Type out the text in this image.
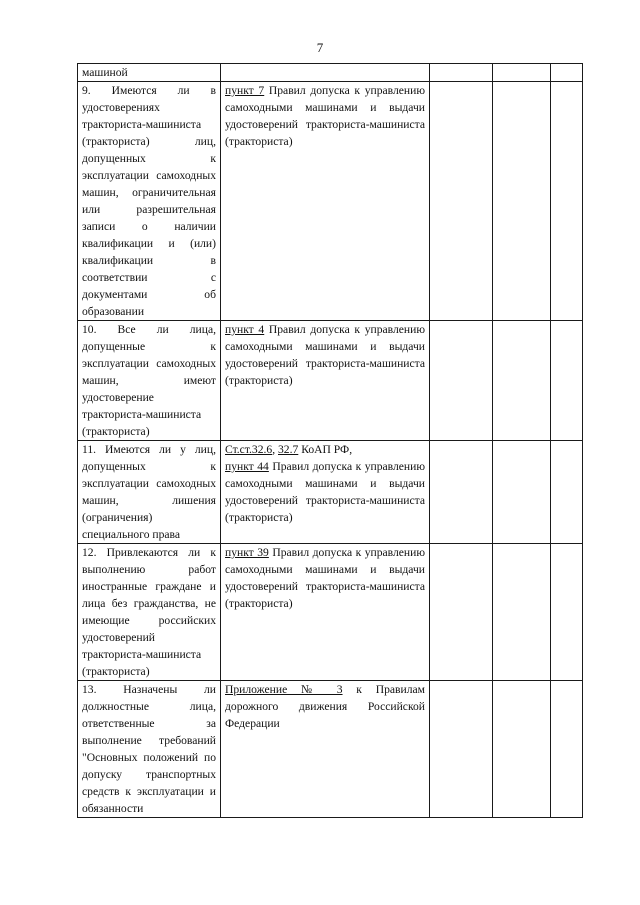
7
машиной				
9. Имеются ли в удостоверениях тракториста-машиниста (тракториста) лиц, допущенных к эксплуатации самоходных машин, ограничительная или разрешительная записи о наличии квалификации и (или) квалификации в соответствии с документами об образовании	пункт 7 Правил допуска к управлению самоходными машинами и выдачи удостоверений тракториста-машиниста (тракториста)			
10. Все ли лица, допущенные к эксплуатации самоходных машин, имеют удостоверение тракториста-машиниста (тракториста)	пункт 4 Правил допуска к управлению самоходными машинами и выдачи удостоверений тракториста-машиниста (тракториста)			
11. Имеются ли у лиц, допущенных к эксплуатации самоходных машин, лишения (ограничения) специального права	Ст.ст.32.6, 32.7 КоАП РФ,
пункт 44 Правил допуска к управлению самоходными машинами и выдачи удостоверений тракториста-машиниста (тракториста)			
12. Привлекаются ли к выполнению работ иностранные граждане и лица без гражданства, не имеющие российских удостоверений тракториста-машиниста (тракториста)	пункт 39 Правил допуска к управлению самоходными машинами и выдачи удостоверений тракториста-машиниста (тракториста)			
13. Назначены ли должностные лица, ответственные за выполнение требований "Основных положений по допуску транспортных средств к эксплуатации и обязанности	Приложение № 3 к Правилам дорожного движения Российской Федерации			
